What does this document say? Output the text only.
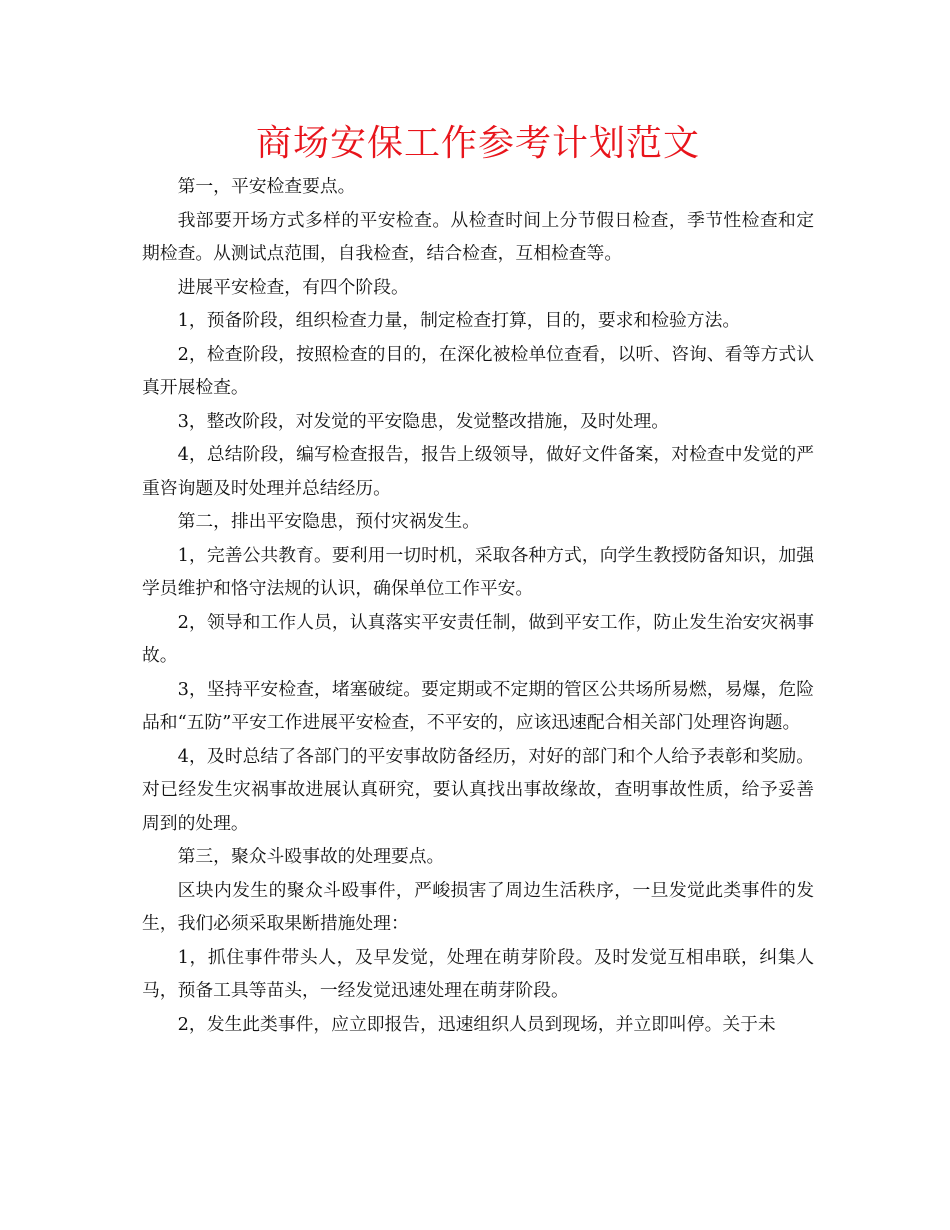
商场安保工作参考计划范文

第一，平安检查要点。

我部要开场方式多样的平安检查。从检查时间上分节假日检查，季节性检查和定期检查。从测试点范围，自我检查，结合检查，互相检查等。

进展平安检查，有四个阶段。

1，预备阶段，组织检查力量，制定检查打算，目的，要求和检验方法。

2，检查阶段，按照检查的目的，在深化被检单位查看，以听、咨询、看等方式认真开展检查。

3，整改阶段，对发觉的平安隐患，发觉整改措施，及时处理。

4，总结阶段，编写检查报告，报告上级领导，做好文件备案，对检查中发觉的严重咨询题及时处理并总结经历。

第二，排出平安隐患，预付灾祸发生。

1，完善公共教育。要利用一切时机，采取各种方式，向学生教授防备知识，加强学员维护和恪守法规的认识，确保单位工作平安。

2，领导和工作人员，认真落实平安责任制，做到平安工作，防止发生治安灾祸事故。

3，坚持平安检查，堵塞破绽。要定期或不定期的管区公共场所易燃，易爆，危险品和“五防”平安工作进展平安检查，不平安的，应该迅速配合相关部门处理咨询题。

4，及时总结了各部门的平安事故防备经历，对好的部门和个人给予表彰和奖励。对已经发生灾祸事故进展认真研究，要认真找出事故缘故，查明事故性质，给予妥善周到的处理。

第三，聚众斗殴事故的处理要点。

区块内发生的聚众斗殴事件，严峻损害了周边生活秩序，一旦发觉此类事件的发生，我们必须采取果断措施处理：

1，抓住事件带头人，及早发觉，处理在萌芽阶段。及时发觉互相串联，纠集人马，预备工具等苗头，一经发觉迅速处理在萌芽阶段。

2，发生此类事件，应立即报告，迅速组织人员到现场，并立即叫停。关于未
